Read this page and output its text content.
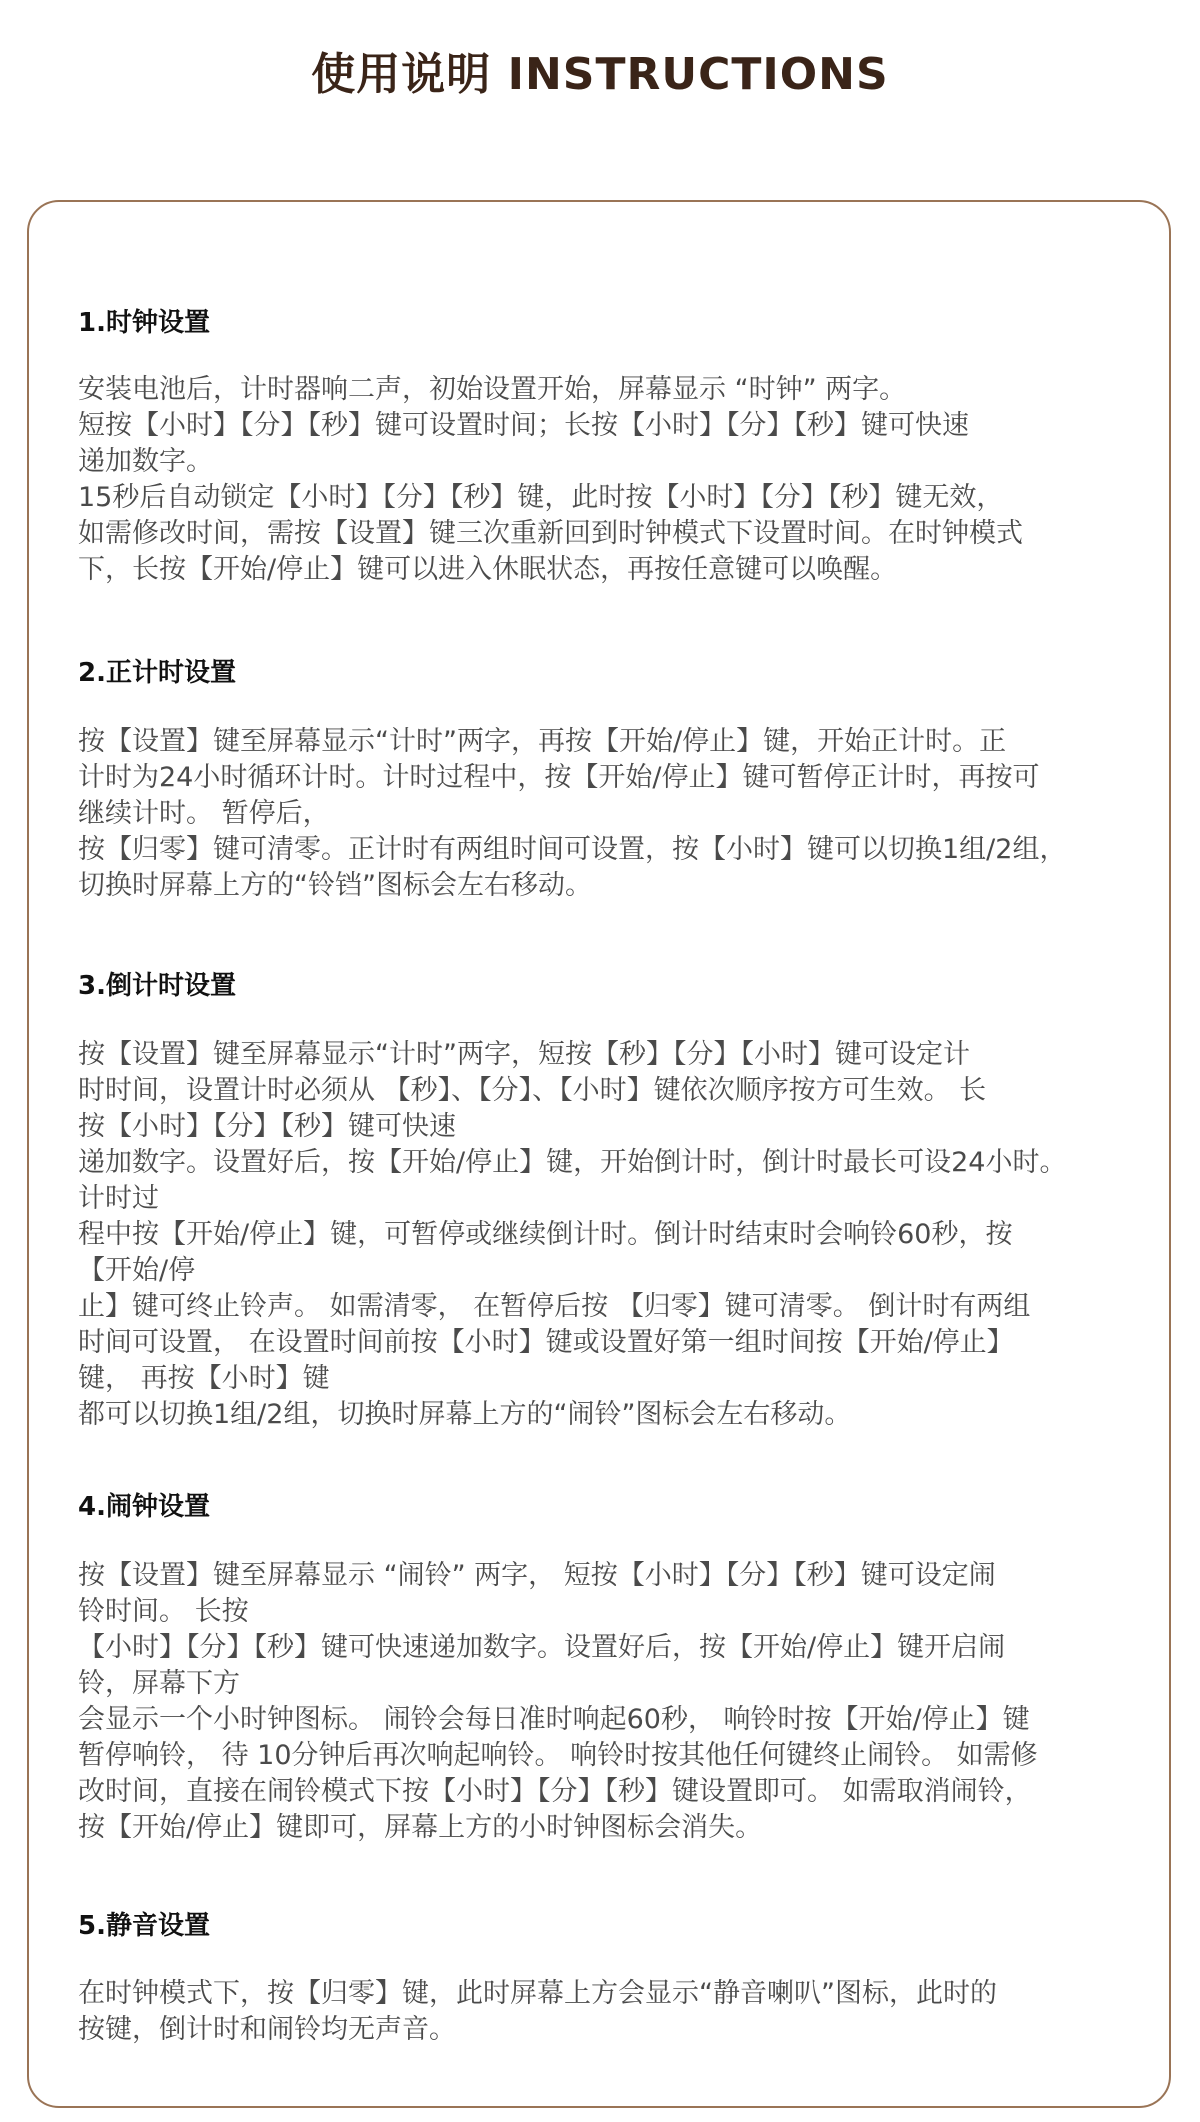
使用说明 INSTRUCTIONS
1.时钟设置
安装电池后，计时器响二声，初始设置开始，屏幕显示 “时钟” 两字。
短按【小时】【分】【秒】键可设置时间；长按【小时】【分】【秒】键可快速
递加数字。
15秒后自动锁定【小时】【分】【秒】键，此时按【小时】【分】【秒】键无效，
如需修改时间，需按【设置】键三次重新回到时钟模式下设置时间。在时钟模式
下，长按【开始/停止】键可以进入休眠状态，再按任意键可以唤醒。
2.正计时设置
按【设置】键至屏幕显示“计时”两字，再按【开始/停止】键，开始正计时。正
计时为24小时循环计时。计时过程中，按【开始/停止】键可暂停正计时，再按可
继续计时。 暂停后，
按【归零】键可清零。正计时有两组时间可设置，按【小时】键可以切换1组/2组，
切换时屏幕上方的“铃铛”图标会左右移动。
3.倒计时设置
按【设置】键至屏幕显示“计时”两字，短按【秒】【分】【小时】键可设定计
时时间，设置计时必须从 【秒】、【分】、【小时】键依次顺序按方可生效。 长
按【小时】【分】【秒】键可快速
递加数字。设置好后，按【开始/停止】键，开始倒计时，倒计时最长可设24小时。
计时过
程中按【开始/停止】键，可暂停或继续倒计时。倒计时结束时会响铃60秒，按
【开始/停
止】键可终止铃声。 如需清零， 在暂停后按 【归零】键可清零。 倒计时有两组
时间可设置， 在设置时间前按【小时】键或设置好第一组时间按【开始/停止】
键， 再按【小时】键
都可以切换1组/2组，切换时屏幕上方的“闹铃”图标会左右移动。
4.闹钟设置
按【设置】键至屏幕显示 “闹铃” 两字， 短按【小时】【分】【秒】键可设定闹
铃时间。 长按
【小时】【分】【秒】键可快速递加数字。设置好后，按【开始/停止】键开启闹
铃，屏幕下方
会显示一个小时钟图标。 闹铃会每日准时响起60秒， 响铃时按【开始/停止】键
暂停响铃， 待 10分钟后再次响起响铃。 响铃时按其他任何键终止闹铃。 如需修
改时间，直接在闹铃模式下按【小时】【分】【秒】键设置即可。 如需取消闹铃，
按【开始/停止】键即可，屏幕上方的小时钟图标会消失。
5.静音设置
在时钟模式下，按【归零】键，此时屏幕上方会显示“静音喇叭”图标，此时的
按键，倒计时和闹铃均无声音。
